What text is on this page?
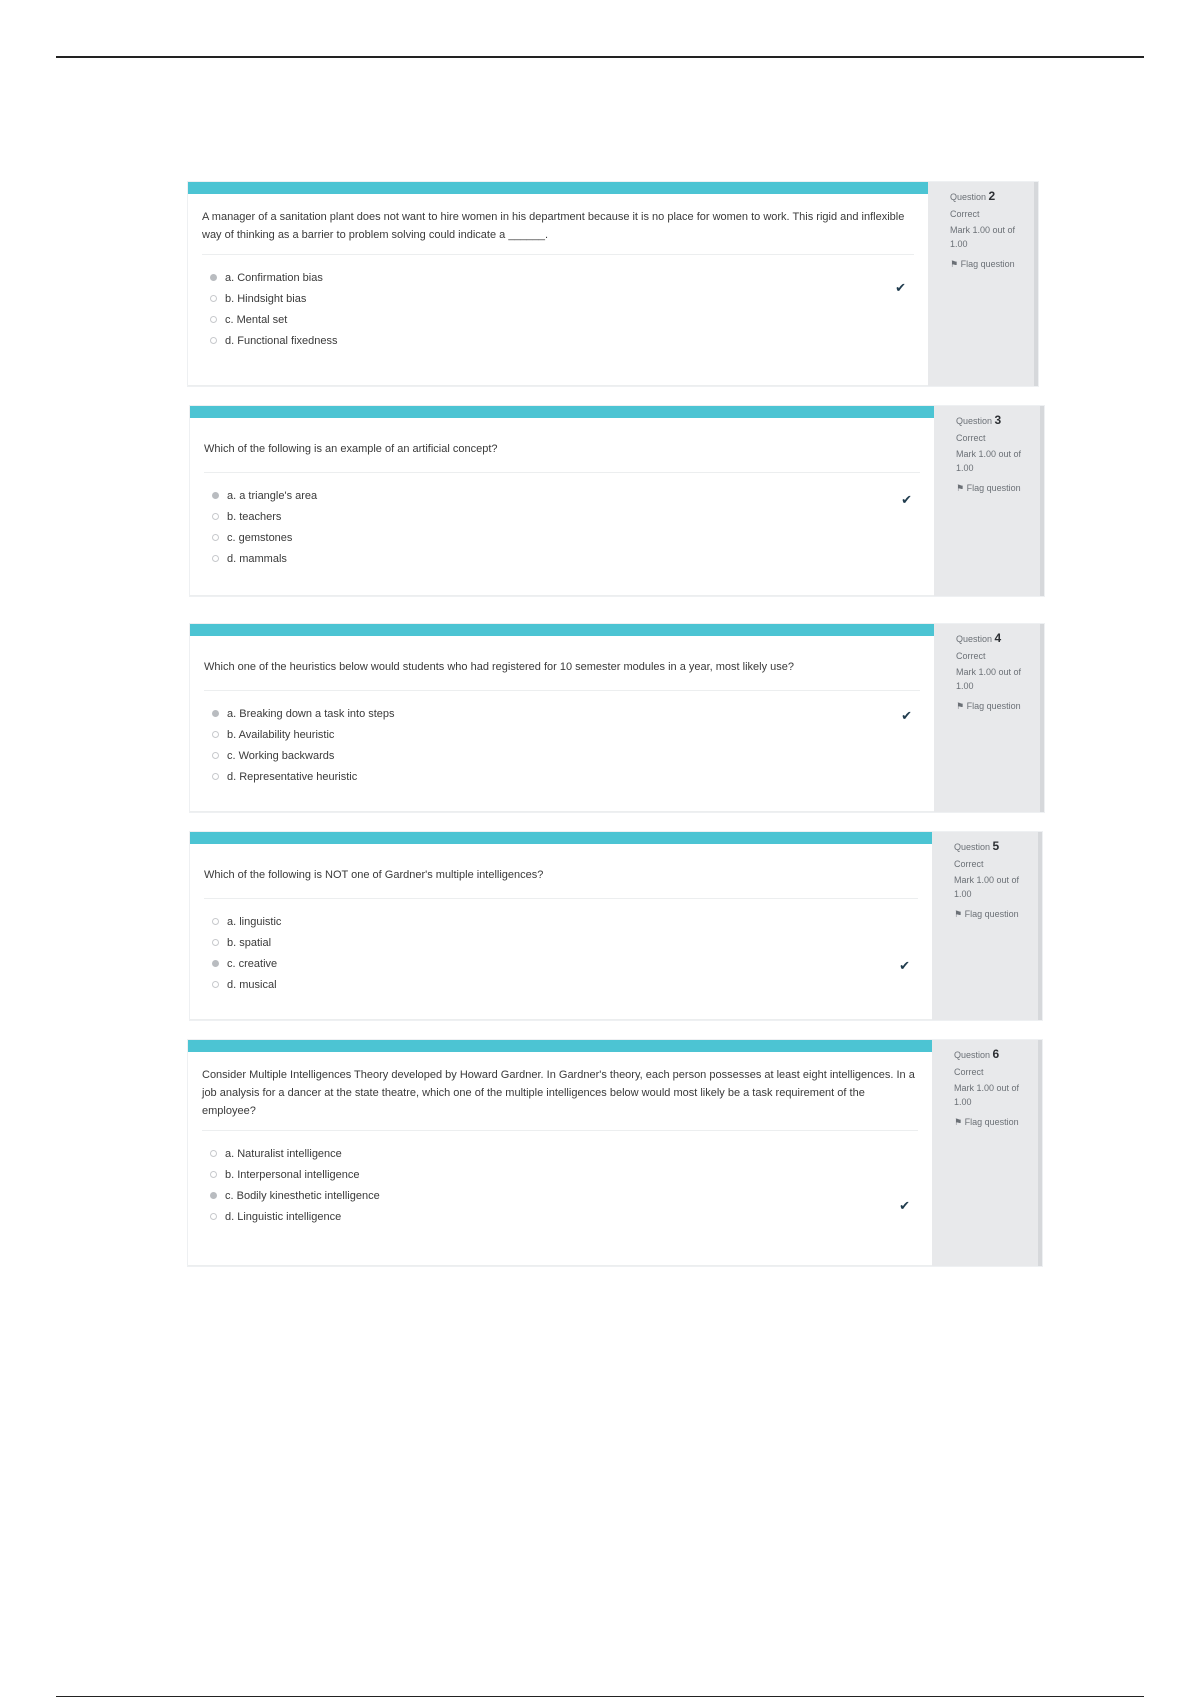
A manager of a sanitation plant does not want to hire women in his department because it is no place for women to work. This rigid and inflexible way of thinking as a barrier to problem solving could indicate a ______.
a. Confirmation bias
b. Hindsight bias
c. Mental set
d. Functional fixedness
✔
Question 2
Correct
Mark 1.00 out of 1.00
⚑ Flag question
Which of the following is an example of an artificial concept?
a. a triangle's area
b. teachers
c. gemstones
d. mammals
✔
Question 3
Correct
Mark 1.00 out of 1.00
⚑ Flag question
Which one of the heuristics below would students who had registered for 10 semester modules in a year, most likely use?
a. Breaking down a task into steps
b. Availability heuristic
c. Working backwards
d. Representative heuristic
✔
Question 4
Correct
Mark 1.00 out of 1.00
⚑ Flag question
Which of the following is NOT one of Gardner's multiple intelligences?
a. linguistic
b. spatial
c. creative
d. musical
✔
Question 5
Correct
Mark 1.00 out of 1.00
⚑ Flag question
Consider Multiple Intelligences Theory developed by Howard Gardner. In Gardner's theory, each person possesses at least eight intelligences. In a job analysis for a dancer at the state theatre, which one of the multiple intelligences below would most likely be a task requirement of the employee?
a. Naturalist intelligence
b. Interpersonal intelligence
c. Bodily kinesthetic intelligence
d. Linguistic intelligence
✔
Question 6
Correct
Mark 1.00 out of 1.00
⚑ Flag question
